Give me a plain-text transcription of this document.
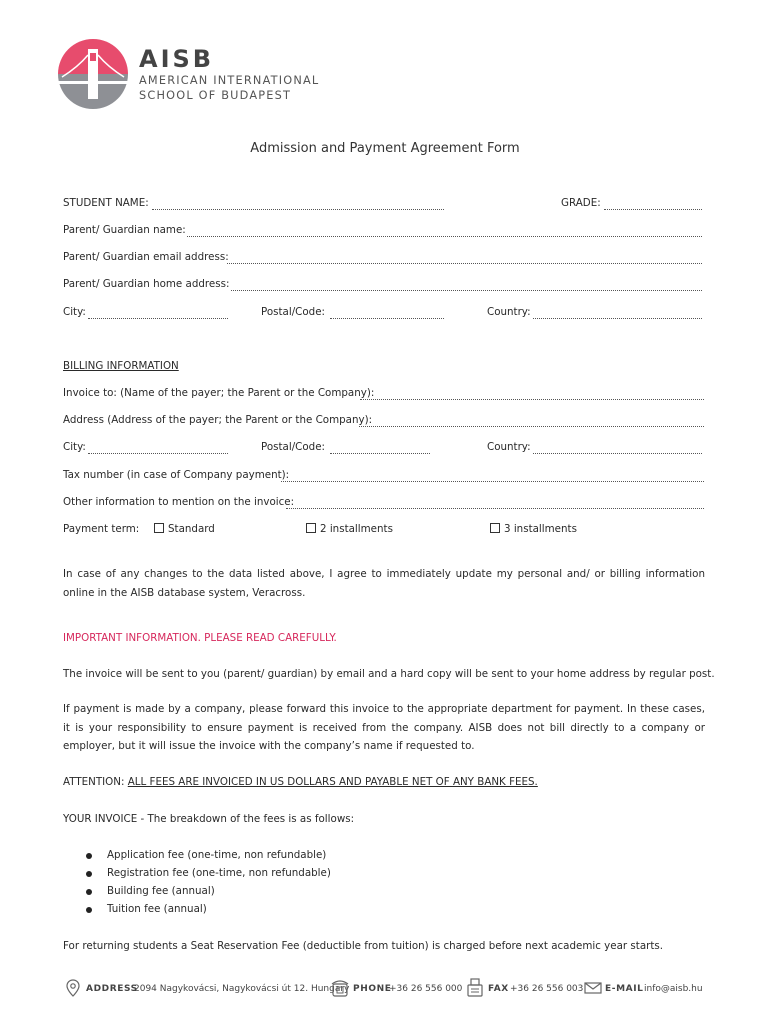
AISB
AMERICAN INTERNATIONAL
SCHOOL OF BUDAPEST
Admission and Payment Agreement Form
STUDENT NAME:	GRADE:
Parent/ Guardian name:
Parent/ Guardian email address:
Parent/ Guardian home address:
City:	Postal/Code:	Country:
BILLING INFORMATION
Invoice to: (Name of the payer; the Parent or the Company):
Address (Address of the payer; the Parent or the Company):
City:	Postal/Code:	Country:
Tax number (in case of Company payment):
Other information to mention on the invoice:
Payment term:	Standard	2 installments	3 installments
In case of any changes to the data listed above, I agree to immediately update my personal and/ or billing information online in the AISB database system, Veracross.
IMPORTANT INFORMATION. PLEASE READ CAREFULLY.
The invoice will be sent to you (parent/ guardian) by email and a hard copy will be sent to your home address by regular post.
If payment is made by a company, please forward this invoice to the appropriate department for payment. In these cases, it is your responsibility to ensure payment is received from the company. AISB does not bill directly to a company or employer, but it will issue the invoice with the company’s name if requested to.
ATTENTION: ALL FEES ARE INVOICED IN US DOLLARS AND PAYABLE NET OF ANY BANK FEES.
YOUR INVOICE - The breakdown of the fees is as follows:
Application fee (one-time, non refundable)
Registration fee (one-time, non refundable)
Building fee (annual)
Tuition fee (annual)
For returning students a Seat Reservation Fee (deductible from tuition) is charged before next academic year starts.
ADDRESS
2094 Nagykovácsi, Nagykovácsi út 12. Hungary PHONE
+36 26 556 000	FAX +36 26 556 003 E-MAIL info@aisb.hu
